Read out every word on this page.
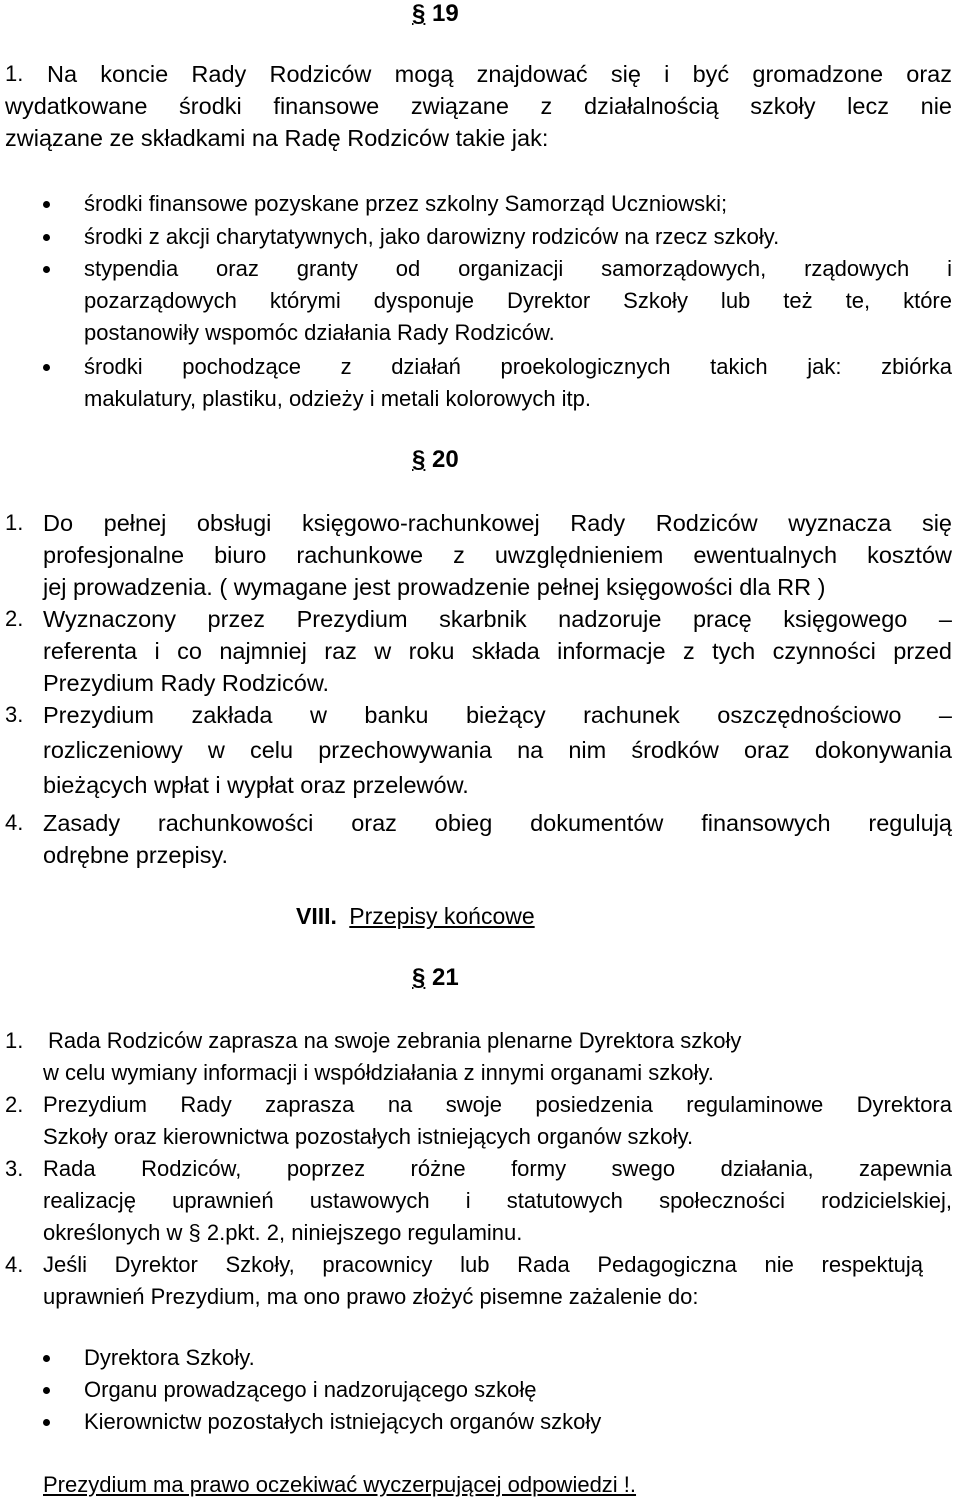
§ 19
1. Na koncie Rady Rodziców mogą znajdować się i być gromadzone oraz
wydatkowane środki finansowe związane z działalnością szkoły lecz nie
związane ze składkami na Radę Rodziców takie jak:
środki finansowe pozyskane przez szkolny Samorząd Uczniowski;
środki z akcji charytatywnych, jako darowizny rodziców na rzecz szkoły.
stypendia oraz granty od organizacji samorządowych, rządowych i
pozarządowych którymi dysponuje Dyrektor Szkoły lub też te, które
postanowiły wspomóc działania Rady Rodziców.
środki pochodzące z działań proekologicznych takich jak: zbiórka
makulatury, plastiku, odzieży i metali kolorowych itp.
§ 20
1. Do pełnej obsługi księgowo-rachunkowej Rady Rodziców wyznacza się
profesjonalne biuro rachunkowe z uwzględnieniem ewentualnych kosztów
jej prowadzenia. ( wymagane jest prowadzenie pełnej księgowości dla RR )
2. Wyznaczony przez Prezydium skarbnik nadzoruje pracę księgowego –
referenta i co najmniej raz w roku składa informacje z tych czynności przed
Prezydium Rady Rodziców.
3. Prezydium zakłada w banku bieżący rachunek oszczędnościowo –
rozliczeniowy w celu przechowywania na nim środków oraz dokonywania
bieżących wpłat i wypłat oraz przelewów.
4. Zasady rachunkowości oraz obieg dokumentów finansowych regulują
odrębne przepisy.
VIII. Przepisy końcowe
§ 21
1. Rada Rodziców zaprasza na swoje zebrania plenarne Dyrektora szkoły
w celu wymiany informacji i współdziałania z innymi organami szkoły.
2. Prezydium Rady zaprasza na swoje posiedzenia regulaminowe Dyrektora
Szkoły oraz kierownictwa pozostałych istniejących organów szkoły.
3. Rada Rodziców, poprzez różne formy swego działania, zapewnia
realizację uprawnień ustawowych i statutowych społeczności rodzicielskiej,
określonych w § 2.pkt. 2, niniejszego regulaminu.
4. Jeśli Dyrektor Szkoły, pracownicy lub Rada Pedagogiczna nie respektują
uprawnień Prezydium, ma ono prawo złożyć pisemne zażalenie do:
Dyrektora Szkoły.
Organu prowadzącego i nadzorującego szkołę
Kierownictw pozostałych istniejących organów szkoły
Prezydium ma prawo oczekiwać wyczerpującej odpowiedzi !.
